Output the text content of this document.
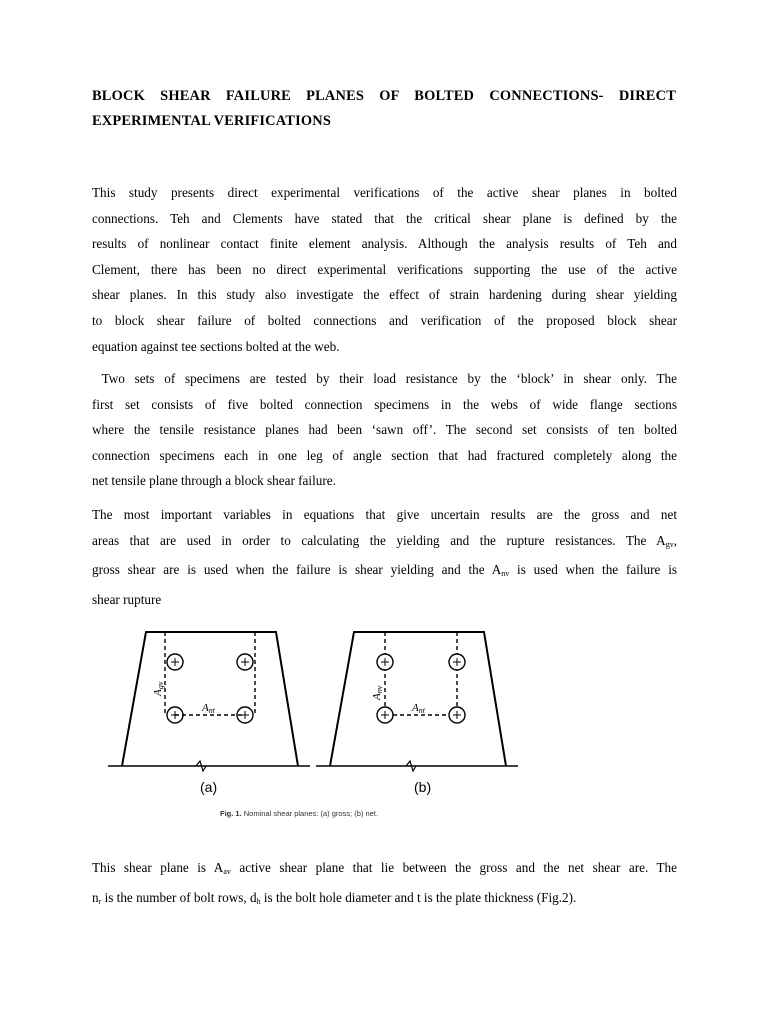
BLOCK SHEAR FAILURE PLANES OF BOLTED CONNECTIONS- DIRECT
EXPERIMENTAL VERIFICATIONS
This study presents direct experimental verifications of the active shear planes in bolted
connections. Teh and Clements have stated that the critical shear plane is defined by the
results of nonlinear contact finite element analysis. Although the analysis results of Teh and
Clement, there has been no direct experimental verifications supporting the use of the active
shear planes. In this study also investigate the effect of strain hardening during shear yielding
to block shear failure of bolted connections and verification of the proposed block shear
equation against tee sections bolted at the web.
Two sets of specimens are tested by their load resistance by the ‘block’ in shear only. The
first set consists of five bolted connection specimens in the webs of wide flange sections
where the tensile resistance planes had been ‘sawn off’. The second set consists of ten bolted
connection specimens each in one leg of angle section that had fractured completely along the
net tensile plane through a block shear failure.
The most important variables in equations that give uncertain results are the gross and net
areas that are used in order to calculating the yielding and the rupture resistances. The $A_{gv}$,
gross shear are is used when the failure is shear yielding and the $A_{nv}$ is used when the failure is
shear rupture
Agv
Ant
(a)
Anv
Ant
(b)
Fig. 1. Nominal shear planes: (a) gross; (b) net.
This shear plane is $A_{av}$ active shear plane that lie between the gross and the net shear are. The
$n_r$ is the number of bolt rows, $d_h$ is the bolt hole diameter and t is the plate thickness (Fig.2).
